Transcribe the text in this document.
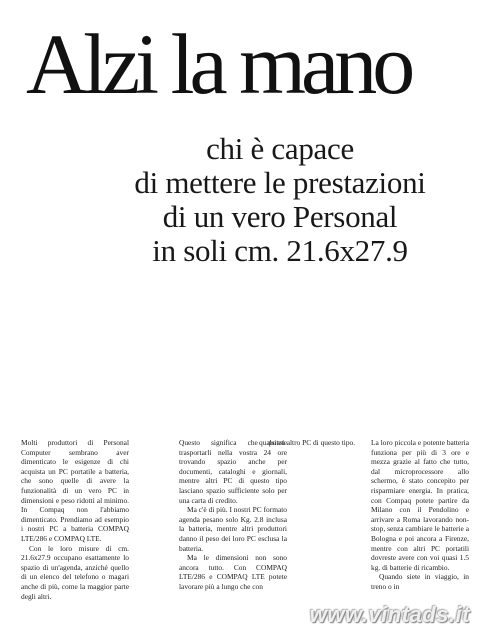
Alzi la mano
chi è capace
di mettere le prestazioni
di un vero Personal
in soli cm. 21.6x27.9

Molti produttori di Personal Computer sembrano aver dimenticato le esigenze di chi acquista un PC portatile a batteria, che sono quelle di avere la funzionalità di un vero PC in dimensioni e peso ridotti al minimo. In Compaq non l'abbiamo dimenticato. Prendiamo ad esempio i nostri PC a batteria COMPAQ LTE/286 e COMPAQ LTE.

Con le loro misure di cm. 21.6x27.9 occupano esattamente lo spazio di un'agenda, anziché quello di un elenco del telefono o magari anche di più, come la maggior parte degli altri.

Questo significa che potete trasportarli nella vostra 24 ore trovando spazio anche per documenti, cataloghi e giornali, mentre altri PC di questo tipo lasciano spazio sufficiente solo per una carta di credito.

Ma c'è di più. I nostri PC formato agenda pesano solo Kg. 2.8 inclusa la batteria, mentre altri produttori danno il peso dei loro PC esclusa la batteria.

Ma le dimensioni non sono ancora tutto. Con COMPAQ LTE/286 e COMPAQ LTE potete lavorare più a lungo che con

qualsiasi altro PC di questo tipo. La loro piccola e potente batteria funziona per più di 3 ore e mezza grazie al fatto che tutto, dal microprocessore allo schermo, è stato concepito per risparmiare energia. In pratica, con Compaq potete partire da Milano con il Pendolino e arrivare a Roma lavorando non-stop, senza cambiare le batterie a Bologna e poi ancora a Firenze, mentre con altri PC portatili dovreste avere con voi quasi 1.5 kg. di batterie di ricambio.

Quando siete in viaggio, in treno o in

www.vintads.it
